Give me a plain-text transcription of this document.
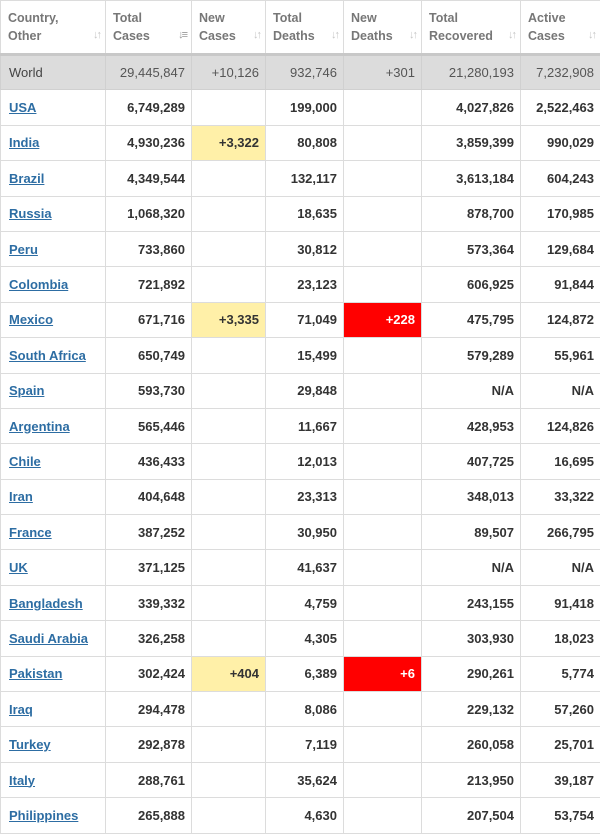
Country,
Other ↓↑	Total
Cases ↓≡	New
Cases ↓↑	Total
Deaths ↓↑	New
Deaths ↓↑	Total
Recovered ↓↑	Active
Cases ↓↑

World	29,445,847	+10,126	932,746	+301	21,280,193	7,232,908
USA	6,749,289		199,000		4,027,826	2,522,463
India	4,930,236	+3,322	80,808		3,859,399	990,029
Brazil	4,349,544		132,117		3,613,184	604,243
Russia	1,068,320		18,635		878,700	170,985
Peru	733,860		30,812		573,364	129,684
Colombia	721,892		23,123		606,925	91,844
Mexico	671,716	+3,335	71,049	+228	475,795	124,872
South Africa	650,749		15,499		579,289	55,961
Spain	593,730		29,848		N/A	N/A
Argentina	565,446		11,667		428,953	124,826
Chile	436,433		12,013		407,725	16,695
Iran	404,648		23,313		348,013	33,322
France	387,252		30,950		89,507	266,795
UK	371,125		41,637		N/A	N/A
Bangladesh	339,332		4,759		243,155	91,418
Saudi Arabia	326,258		4,305		303,930	18,023
Pakistan	302,424	+404	6,389	+6	290,261	5,774
Iraq	294,478		8,086		229,132	57,260
Turkey	292,878		7,119		260,058	25,701
Italy	288,761		35,624		213,950	39,187
Philippines	265,888		4,630		207,504	53,754
